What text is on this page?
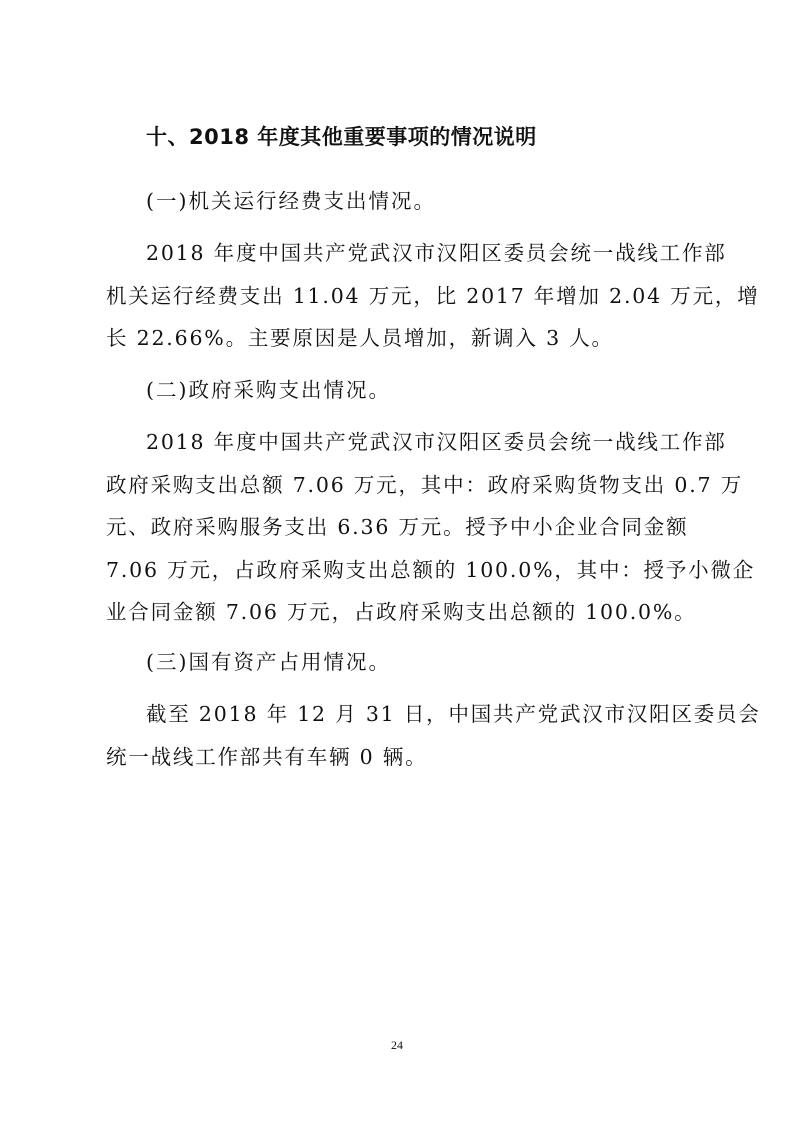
十、2018 年度其他重要事项的情况说明
(一)机关运行经费支出情况。
2018 年度中国共产党武汉市汉阳区委员会统一战线工作部
机关运行经费支出 11.04 万元，比 2017 年增加 2.04 万元，增
长 22.66%。主要原因是人员增加，新调入 3 人。
(二)政府采购支出情况。
2018 年度中国共产党武汉市汉阳区委员会统一战线工作部
政府采购支出总额 7.06 万元，其中：政府采购货物支出 0.7 万
元、政府采购服务支出 6.36 万元。授予中小企业合同金额
7.06 万元，占政府采购支出总额的 100.0%，其中：授予小微企
业合同金额 7.06 万元，占政府采购支出总额的 100.0%。
(三)国有资产占用情况。
截至 2018 年 12 月 31 日，中国共产党武汉市汉阳区委员会
统一战线工作部共有车辆 0 辆。
24
